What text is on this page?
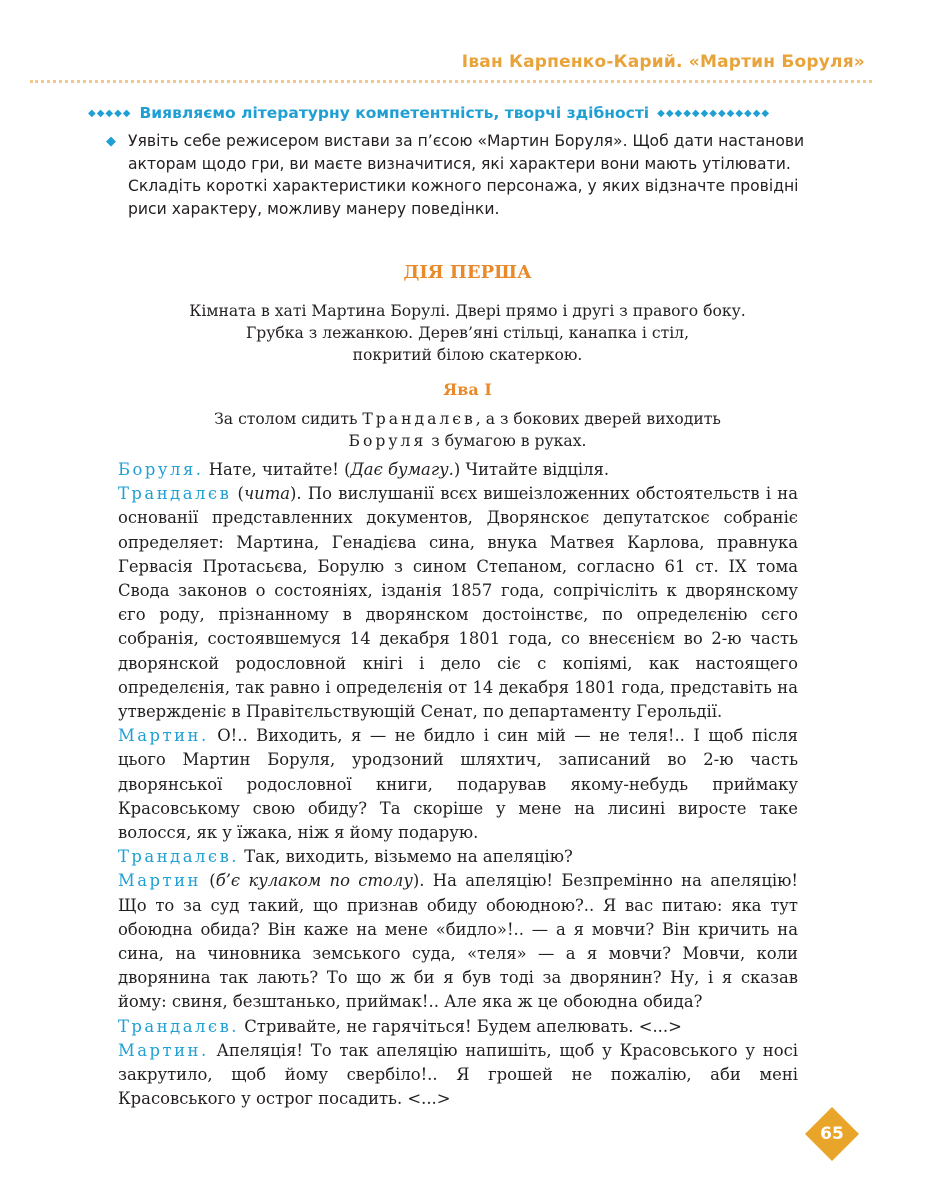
Іван Карпенко-Карий. «Мартин Боруля»
◆◆◆◆◆ Виявляємо літературну компетентність, творчі здібності ◆◆◆◆◆◆◆◆◆◆◆◆◆
◆ Уявіть себе режисером вистави за п’єсою «Мартин Боруля». Щоб дати настанови
акторам щодо гри, ви маєте визначитися, які характери вони мають утілювати.
Складіть короткі характеристики кожного персонажа, у яких відзначте провідні
риси характеру, можливу манеру поведінки.
ДІЯ ПЕРША
Кімната в хаті Мартина Борулі. Двері прямо і другі з правого боку.
Грубка з лежанкою. Дерев’яні стільці, канапка і стіл,
покритий білою скатеркою.
Ява I
За столом сидить Трандалєв, а з бокових дверей виходить
Боруля з бумагою в руках.

Боруля. Нате, читайте! (Дає бумагу.) Читайте відціля.

Трандалєв (чита). По вислушанії всєх вишеізложенних обстоятельств і на основанії представленних документов, Дворянскоє депутатскоє собраніє определяет: Мартина, Генадієва сина, внука Матвея Карлова, правнука Гервасія Протасьєва, Борулю з сином Степаном, согласно 61 ст. IX тома Свода законов о состояніях, ізданія 1857 года, сопрічісліть к дворянскому єго роду, прізнанному в дворянском достоінствє, по определєнію сєго собранія, состоявшемуся 14 декабря 1801 года, со внесєнієм во 2-ю часть дворянской родословной кнігі і дело сіє с копіямі, как настоящего определєнія, так равно і определєнія от 14 декабря 1801 года, представіть на утвержденіє в Правітєльствующій Сенат, по департаменту Герольдії.

Мартин. О!.. Виходить, я — не бидло і син мій — не теля!.. І щоб після цього Мартин Боруля, уродзоний шляхтич, записаний во 2-ю часть дворянської родословної книги, подарував якому-небудь приймаку Красовському свою обиду? Та скоріше у мене на лисині виросте таке волосся, як у їжака, ніж я йому подарую.

Трандалєв. Так, виходить, візьмемо на апеляцію?

Мартин (б’є кулаком по столу). На апеляцію! Безпремінно на апеляцію! Що то за суд такий, що признав обиду обоюдною?.. Я вас питаю: яка тут обоюдна обида? Він каже на мене «бидло»!.. — а я мовчи? Він кричить на сина, на чиновника земського суда, «теля» — а я мовчи? Мовчи, коли дворянина так лають? То що ж би я був тоді за дворянин? Ну, і я сказав йому: свиня, безштанько, приймак!.. Але яка ж це обоюдна обида?

Трандалєв. Стривайте, не гарячіться! Будем апелювать. <...>

Мартин. Апеляція! То так апеляцію напишіть, щоб у Красовського у носі закрутило, щоб йому свербіло!.. Я грошей не пожалію, аби мені Красовського у острог посадить. <...>

65
